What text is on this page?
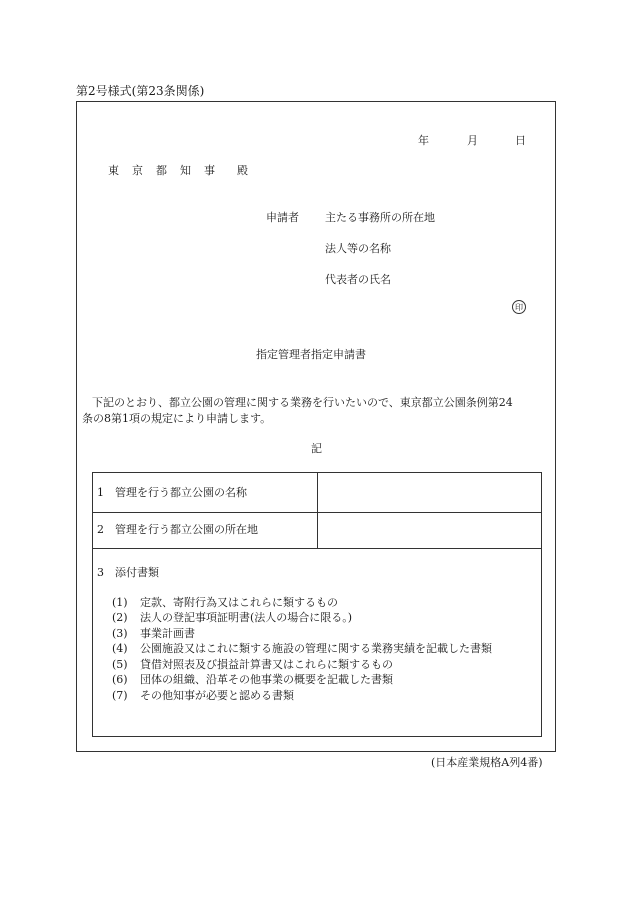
第2号様式(第23条関係)
年	月	日
東 京 都 知 事 殿
申請者 主たる事務所の所在地
法人等の名称
代表者の氏名
印
指定管理者指定申請書
下記のとおり、都立公園の管理に関する業務を行いたいので、東京都立公園条例第24
条の8第1項の規定により申請します。
記
1　管理を行う都立公園の名称
2　管理を行う都立公園の所在地
3　添付書類
(1)	定款、寄附行為又はこれらに類するもの
(2)	法人の登記事項証明書(法人の場合に限る。)
(3)	事業計画書
(4)	公園施設又はこれに類する施設の管理に関する業務実績を記載した書類
(5)	貸借対照表及び損益計算書又はこれらに類するもの
(6)	団体の組織、沿革その他事業の概要を記載した書類
(7)	その他知事が必要と認める書類
(日本産業規格A列4番)
